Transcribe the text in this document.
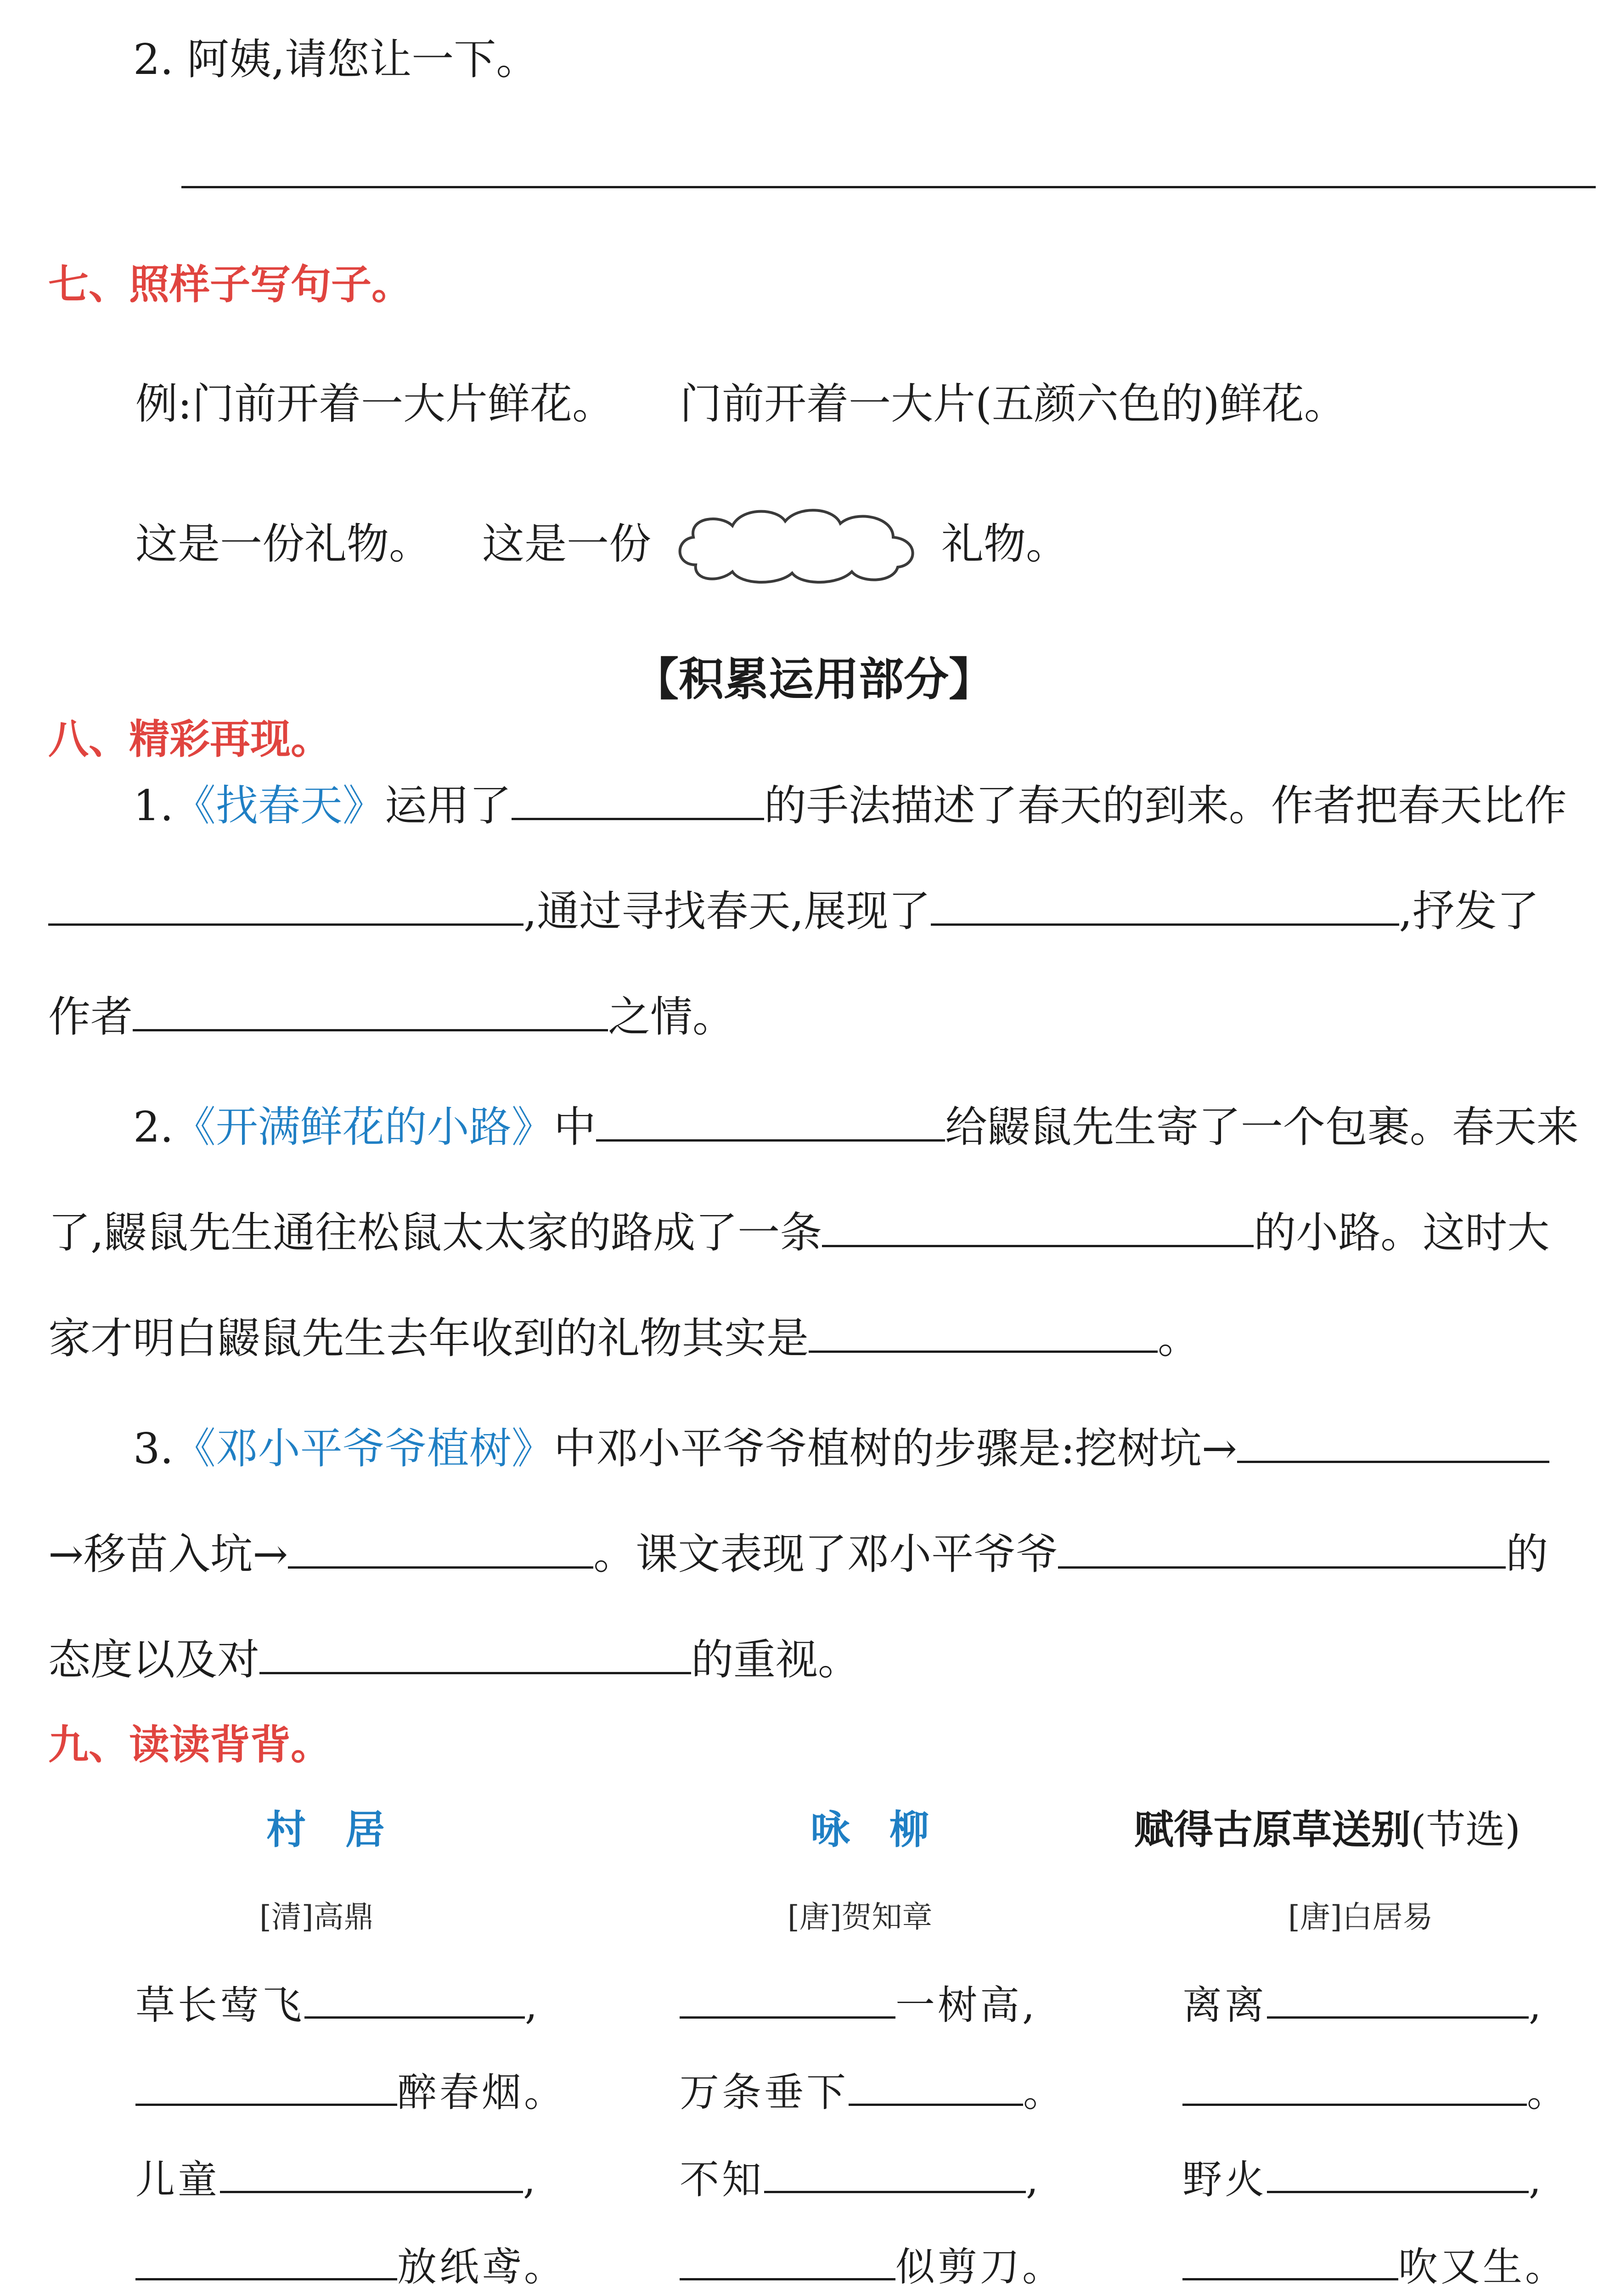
2. 阿姨,请您让一下。
七、照样子写句子。
例:门前开着一大片鲜花。 门前开着一大片(五颜六色的)鲜花。
这是一份礼物。 这是一份	礼物。
【积累运用部分】
八、精彩再现。
1.《找春天》运用了	的手法描述了春天的到来。作者把春天比作
,通过寻找春天,展现了	,抒发了
作者	之情。
2.《开满鲜花的小路》中	给鼹鼠先生寄了一个包裹。春天来
了,鼹鼠先生通往松鼠太太家的路成了一条	的小路。这时大
家才明白鼹鼠先生去年收到的礼物其实是	。
3.《邓小平爷爷植树》中邓小平爷爷植树的步骤是:挖树坑→
→移苗入坑→	。课文表现了邓小平爷爷	的
态度以及对	的重视。
九、读读背背。
村　居
[清]高鼎
草长莺飞	,
醉春烟。
儿童	,
放纸鸢。
咏　柳
[唐]贺知章
一树高,
万条垂下	。
不知	,
似剪刀。
赋得古原草送别(节选)
[唐]白居易
离离	,
。
野火	,
吹又生。
